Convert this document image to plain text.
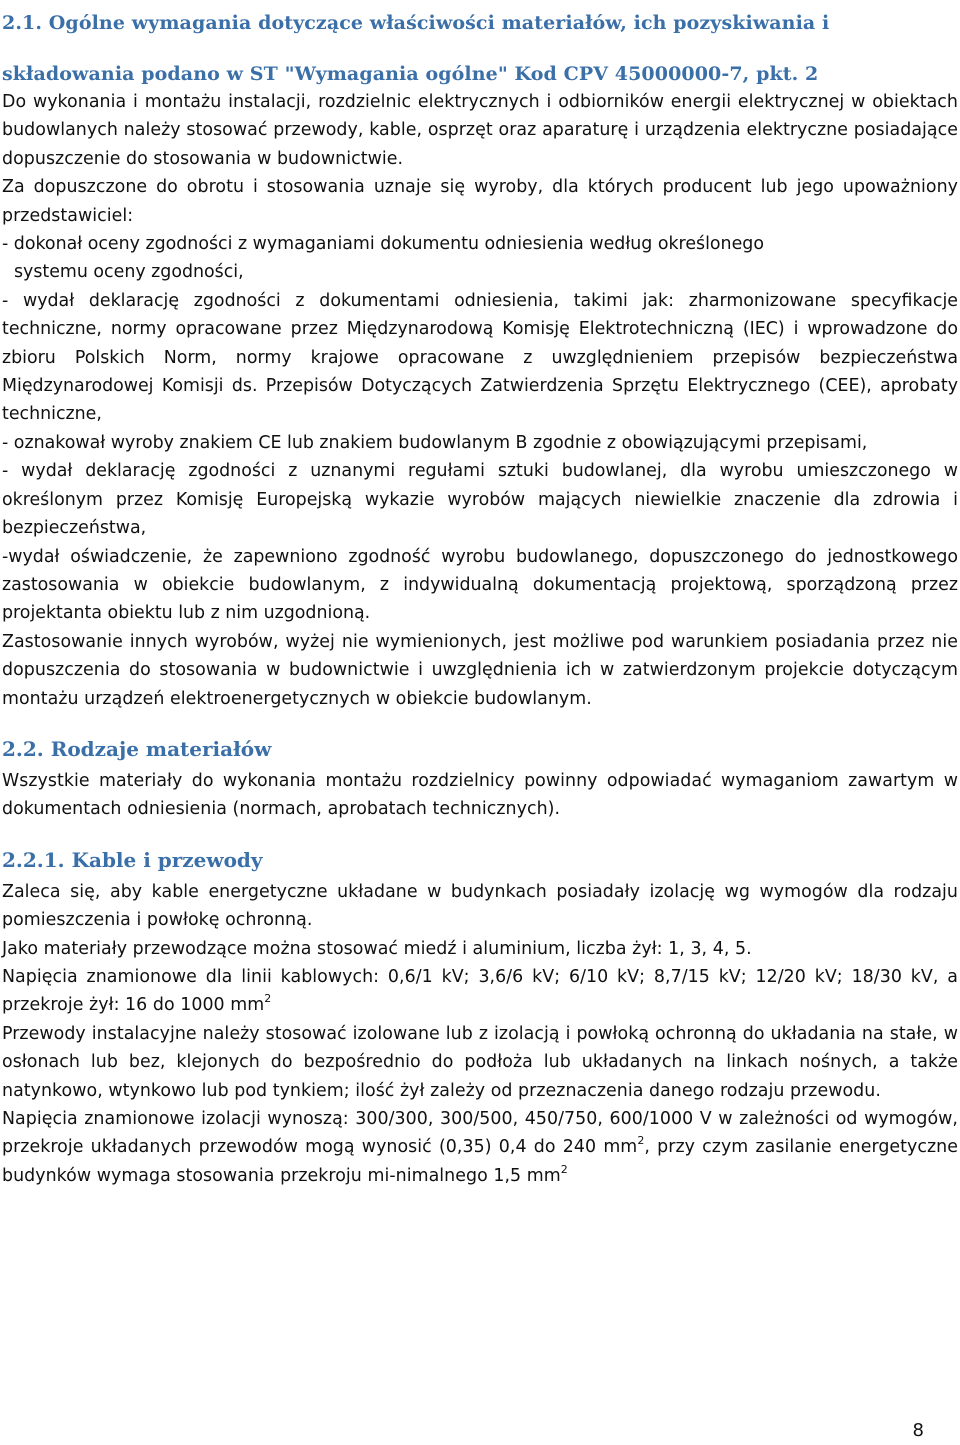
2.1. Ogólne wymagania dotyczące właściwości materiałów, ich pozyskiwania i
składowania podano w ST "Wymagania ogólne" Kod CPV 45000000-7, pkt. 2

Do wykonania i montażu instalacji, rozdzielnic elektrycznych i odbiorników energii elektrycznej w obiektach budowlanych należy stosować przewody, kable, osprzęt oraz aparaturę i urządzenia elektryczne posiadające dopuszczenie do stosowania w budownictwie.

Za dopuszczone do obrotu i stosowania uznaje się wyroby, dla których producent lub jego upoważniony przedstawiciel:

- dokonał oceny zgodności z wymaganiami dokumentu odniesienia według określonego
systemu oceny zgodności,

- wydał deklarację zgodności z dokumentami odniesienia, takimi jak: zharmonizowane specyfikacje techniczne, normy opracowane przez Międzynarodową Komisję Elektrotechniczną (IEC) i wprowadzone do zbioru Polskich Norm, normy krajowe opracowane z uwzględnieniem przepisów bezpieczeństwa Międzynarodowej Komisji ds. Przepisów Dotyczących Zatwierdzenia Sprzętu Elektrycznego (CEE), aprobaty techniczne,

- oznakował wyroby znakiem CE lub znakiem budowlanym B zgodnie z obowiązującymi przepisami,

- wydał deklarację zgodności z uznanymi regułami sztuki budowlanej, dla wyrobu umieszczonego w określonym przez Komisję Europejską wykazie wyrobów mających niewielkie znaczenie dla zdrowia i bezpieczeństwa,

-wydał oświadczenie, że zapewniono zgodność wyrobu budowlanego, dopuszczonego do jednostkowego zastosowania w obiekcie budowlanym, z indywidualną dokumentacją projektową, sporządzoną przez projektanta obiektu lub z nim uzgodnioną.

Zastosowanie innych wyrobów, wyżej nie wymienionych, jest możliwe pod warunkiem posiadania przez nie dopuszczenia do stosowania w budownictwie i uwzględnienia ich w zatwierdzonym projekcie dotyczącym montażu urządzeń elektroenergetycznych w obiekcie budowlanym.

2.2. Rodzaje materiałów

Wszystkie materiały do wykonania montażu rozdzielnicy powinny odpowiadać wymaganiom zawartym w dokumentach odniesienia (normach, aprobatach technicznych).

2.2.1. Kable i przewody

Zaleca się, aby kable energetyczne układane w budynkach posiadały izolację wg wymogów dla rodzaju pomieszczenia i powłokę ochronną.

Jako materiały przewodzące można stosować miedź i aluminium, liczba żył: 1, 3, 4, 5.

Napięcia znamionowe dla linii kablowych: 0,6/1 kV; 3,6/6 kV; 6/10 kV; 8,7/15 kV; 12/20 kV; 18/30 kV, a przekroje żył: 16 do 1000 $mm^2$

Przewody instalacyjne należy stosować izolowane lub z izolacją i powłoką ochronną do układania na stałe, w osłonach lub bez, klejonych do bezpośrednio do podłoża lub układanych na linkach nośnych, a także natynkowo, wtynkowo lub pod tynkiem; ilość żył zależy od przeznaczenia danego rodzaju przewodu.

Napięcia znamionowe izolacji wynoszą: 300/300, 300/500, 450/750, 600/1000 V w zależności od wymogów, przekroje układanych przewodów mogą wynosić (0,35) 0,4 do 240 $mm^2$, przy czym zasilanie energetyczne budynków wymaga stosowania przekroju mi-nimalnego 1,5 $mm^2$

8
